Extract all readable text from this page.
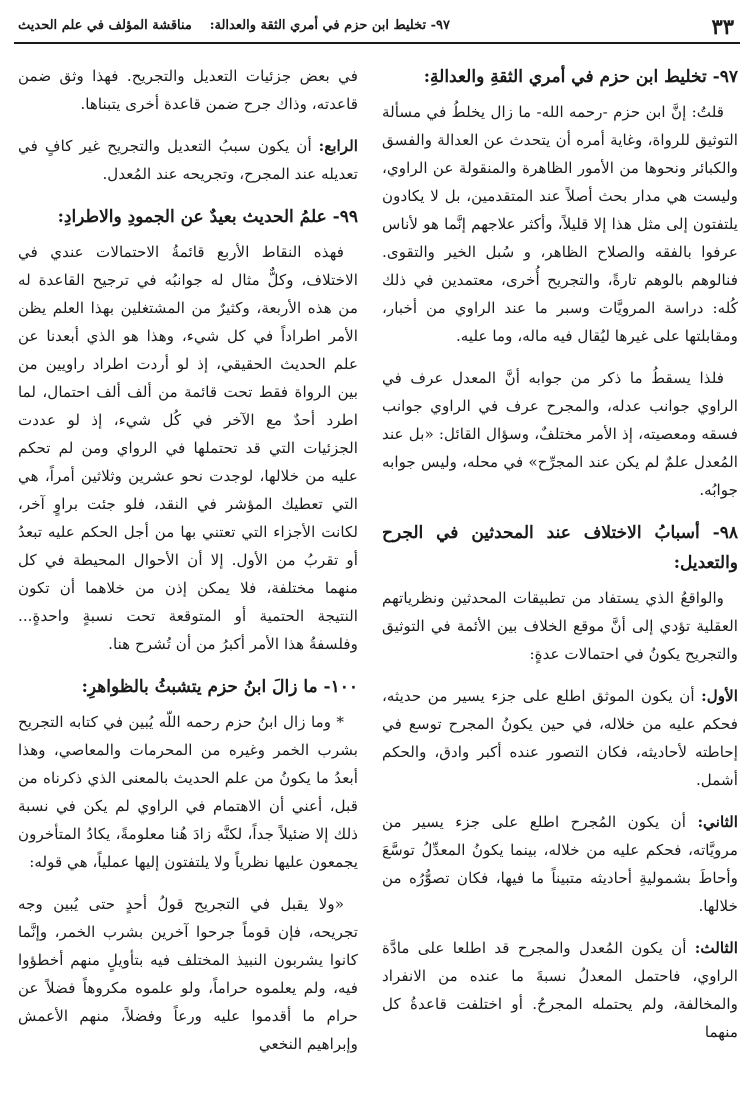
٣٣
٩٧- تخليط ابن حزم في أمري الثقة والعدالة:
مناقشة المؤلف في علم الحديث
٩٧- تخليط ابن حزم في أمري الثقةِ والعدالةِ:

قلتُ: إنَّ ابن حزم -رحمه الله- ما زال يخلطُ في مسألة التوثيق للرواة، وغاية أمره أن يتحدث عن العدالة والفسق والكبائر ونحوها من الأمور الظاهرة والمنقولة عن الراوي، وليست هي مدار بحث أصلاً عند المتقدمين، بل لا يكادون يلتفتون إلى مثل هذا إلا قليلاً، وأكثر علاجهم إنَّما هو لأناس عرفوا بالفقه والصلاح الظاهر، و سُبل الخير والتقوى. فنالوهم بالوهم تارةً، والتجريح أُخرى، معتمدين في ذلك كُله: دراسة المرويَّات وسبر ما عند الراوي من أخبار، ومقابلتها على غيرها ليُقال فيه ماله، وما عليه.

فلذا يسقطُ ما ذكر من جوابه أنَّ المعدل عرف في الراوي جوانب عدله، والمجرح عرف في الراوي جوانب فسقه ومعصيته، إذ الأمر مختلفٌ، وسؤال القائل: «بل عند المُعدل علمٌ لم يكن عند المجرِّح» في محله، وليس جوابه جوابُه.

٩٨- أسبابُ الاختلاف عند المحدثين في الجرح والتعديل:

والواقعُ الذي يستفاد من تطبيقات المحدثين ونظرياتهم العقلية تؤدي إلى أنَّ موقع الخلاف بين الأئمة في التوثيق والتجريح يكونُ في احتمالات عدةٍ:

الأول: أن يكون الموثق اطلع على جزء يسير من حديثه، فحكم عليه من خلاله، في حين يكونُ المجرح توسع في إحاطته لأحاديثه، فكان التصور عنده أكبر وادق، والحكم أشمل.

الثاني: أن يكون المُجرح اطلع على جزء يسير من مرويَّاته، فحكم عليه من خلاله، بينما يكونُ المعدِّلُ توسَّعَ وأحاطَ بشموليةِ أحاديثه متبيناً ما فيها، فكان تصوُّرُه من خلالها.

الثالث: أن يكون المُعدل والمجرح قد اطلعا على مادَّة الراوي، فاحتمل المعدلُ نسبةَ ما عنده من الانفراد والمخالفة، ولم يحتمله المجرحُ. أو اختلفت قاعدةُ كل منهما

في بعض جزئيات التعديل والتجريح. فهذا وثق ضمن قاعدته، وذاك جرح ضمن قاعدة أخرى يتبناها.

الرابع: أن يكون سببُ التعديل والتجريح غير كافٍ في تعديله عند المجرح، وتجريحه عند المُعدل.

٩٩- علمُ الحديث بعيدٌ عن الجمودِ والاطرادِ:

فهذه النقاط الأربع قائمةُ الاحتمالات عندي في الاختلاف، وكلٌّ مثال له جوانبُه في ترجيح القاعدة له من هذه الأربعة، وكثيرٌ من المشتغلين بهذا العلم يظن الأمر اطراداً في كل شيء، وهذا هو الذي أبعدنا عن علم الحديث الحقيقي، إذ لو أردت اطراد راويين من بين الرواة فقط تحت قائمة من ألف ألف احتمال، لما اطرد أحدٌ مع الآخر في كُل شيء، إذ لو عددت الجزئيات التي قد تحتملها في الرواي ومن لم تحكم عليه من خلالها، لوجدت نحو عشرين وثلاثين أمراً، هي التي تعطيك المؤشر في النقد، فلو جئت براوٍ آخر، لكانت الأجزاء التي تعتني بها من أجل الحكم عليه تبعدُ أو تقربُ من الأول. إلا أن الأحوال المحيطة في كل منهما مختلفة، فلا يمكن إذن من خلاهما أن تكون النتيجة الحتمية أو المتوقعة تحت نسبةٍ واحدةٍ... وفلسفةُ هذا الأمر أكبرُ من أن تُشرح هنا.

١٠٠- ما زالَ ابنُ حزم يتشبثُ بالظواهرِ:

* وما زال ابنُ حزم رحمه اللّه يُبين في كتابه التجريح بشرب الخمر وغيره من المحرمات والمعاصي، وهذا أبعدُ ما يكونُ من علم الحديث بالمعنى الذي ذكرناه من قبل، أعني أن الاهتمام في الراوي لم يكن في نسبة ذلك إلا ضئيلاً جداً، لكنَّه زادَ هُنا معلومةً، يكادُ المتأخرون يجمعون عليها نظرياً ولا يلتفتون إليها عملياً، هي قوله:

«ولا يقبل في التجريح قولُ أحدٍ حتى يُبين وجه تجريحه، فإن قوماً جرحوا آخرين بشرب الخمر، وإنَّما كانوا يشربون النبيذ المختلف فيه بتأويلٍ منهم أخطؤوا فيه، ولم يعلموه حراماً، ولو علموه مكروهاً فضلاً عن حرام ما أقدموا عليه ورعاً وفضلاً، منهم الأعمش وإبراهيم النخعي
